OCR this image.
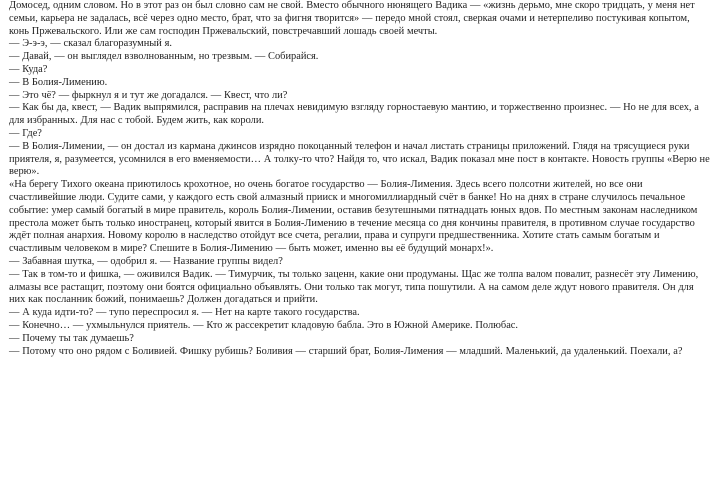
Домосед, одним словом. Но в этот раз он был словно сам не свой. Вместо обычного нюнящего Вадика — «жизнь дерьмо, мне скоро тридцать, у меня нет семьи, карьера не задалась, всё через одно место, брат, что за фигня творится» — передо мной стоял, сверкая очами и нетерпеливо постукивая копытом, конь Пржевальского. Или же сам господин Пржевальский, повстречавший лошадь своей мечты.

— Э-э-э, — сказал благоразумный я.

— Давай, — он выглядел взволнованным, но трезвым. — Собирайся.

— Куда?

— В Болия-Лимению.

— Это чё? — фыркнул я и тут же догадался. — Квест, что ли?

— Как бы да, квест, — Вадик выпрямился, расправив на плечах невидимую взгляду горностаевую мантию, и торжественно произнес. — Но не для всех, а для избранных. Для нас с тобой. Будем жить, как короли.

— Где?

— В Болия-Лимении, — он достал из кармана джинсов изрядно покоцанный телефон и начал листать страницы приложений. Глядя на трясущиеся руки приятеля, я, разумеется, усомнился в его вменяемости… А толку-то что? Найдя то, что искал, Вадик показал мне пост в контакте. Новость группы «Верю не верю».

«На берегу Тихого океана приютилось крохотное, но очень богатое государство — Болия-Лимения. Здесь всего полсотни жителей, но все они счастливейшие люди. Судите сами, у каждого есть свой алмазный прииск и многомиллиардный счёт в банке! Но на днях в стране случилось печальное событие: умер самый богатый в мире правитель, король Болия-Лимении, оставив безутешными пятнадцать юных вдов. По местным законам наследником престола может быть только иностранец, который явится в Болия-Лимению в течение месяца со дня кончины правителя, в противном случае государство ждёт полная анархия. Новому королю в наследство отойдут все счета, регалии, права и супруги предшественника. Хотите стать самым богатым и счастливым человеком в мире? Спешите в Болия-Лимению — быть может, именно вы её будущий монарх!».

— Забавная шутка, — одобрил я. — Название группы видел?

— Так в том-то и фишка, — оживился Вадик. — Тимурчик, ты только заценн, какие они продуманы. Щас же толпа валом повалит, разнесёт эту Лимению, алмазы все растащит, поэтому они боятся официально объявлять. Они только так могут, типа пошутили. А на самом деле ждут нового правителя. Он для них как посланник божий, понимаешь? Должен догадаться и прийти.

— А куда идти-то? — тупо переспросил я. — Нет на карте такого государства.

— Конечно… — ухмыльнулся приятель. — Кто ж рассекретит кладовую бабла. Это в Южной Америке. Полюбас.

— Почему ты так думаешь?

— Потому что оно рядом с Боливией. Фишку рубишь? Боливия — старший брат, Болия-Лимения — младший. Маленький, да удаленький. Поехали, а?
